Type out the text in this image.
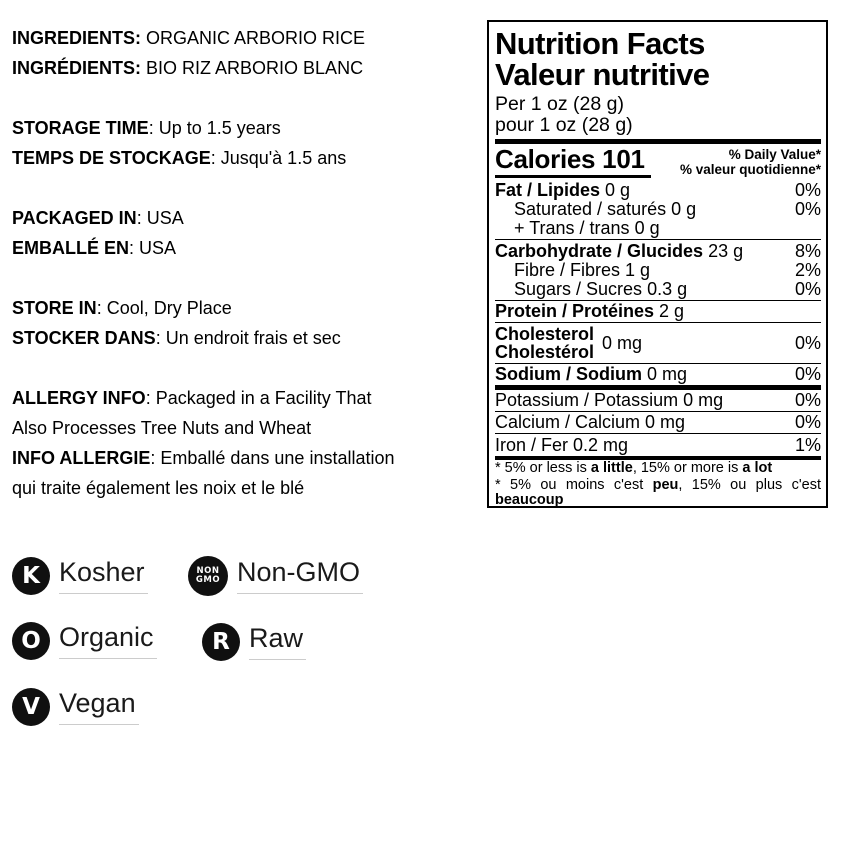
INGREDIENTS: ORGANIC ARBORIO RICE

INGRÉDIENTS: BIO RIZ ARBORIO BLANC

STORAGE TIME: Up to 1.5 years

TEMPS DE STOCKAGE: Jusqu'à 1.5 ans

PACKAGED IN: USA

EMBALLÉ EN: USA

STORE IN: Cool, Dry Place

STOCKER DANS: Un endroit frais et sec

ALLERGY INFO: Packaged in a Facility That

Also Processes Tree Nuts and Wheat

INFO ALLERGIE: Emballé dans une installation

qui traite également les noix et le blé

Nutrition Facts
Valeur nutritive
Per 1 oz (28 g)
pour 1 oz (28 g)
Calories 101	% Daily Value*
% valeur quotidienne*
Fat / Lipides 0 g	0%
Saturated / saturés 0 g	0%
+ Trans / trans 0 g
Carbohydrate / Glucides 23 g	8%
Fibre / Fibres 1 g	2%
Sugars / Sucres 0.3 g	0%
Protein / Protéines 2 g
Cholesterol
Cholestérol 0 mg	0%
Sodium / Sodium 0 mg	0%
Potassium / Potassium 0 mg	0%
Calcium / Calcium 0 mg	0%
Iron / Fer 0.2 mg	1%

* 5% or less is a little, 15% or more is a lot

* 5% ou moins c'est peu, 15% ou plus c'est beaucoup

K Kosher	NON
GMO Non-GMO
O Organic	R Raw
V Vegan
